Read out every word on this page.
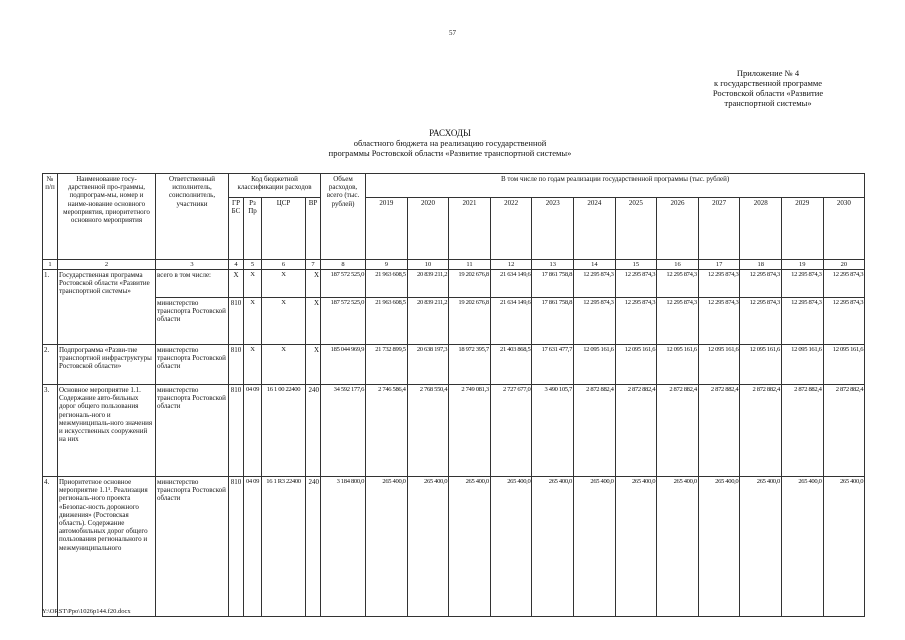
57
Приложение № 4
к государственной программе
Ростовской области «Развитие
транспортной системы»
РАСХОДЫ
областного бюджета на реализацию государственной
программы Ростовской области «Развитие транспортной системы»
№ п/п	Наименование госу-дарственной про-граммы, подпрограм-мы, номер и наиме-нование основного мероприятия, приоритетного основного мероприятия	Ответственный исполнитель, соисполнитель, участники	Код бюджетной классификации расходов				Объем расходов, всего (тыс. рублей)	В том числе по годам реализации государственной программы (тыс. рублей)											
			ГР БС	Рз Пр	ЦСР	ВР		2019	2020	2021	2022	2023	2024	2025	2026	2027	2028	2029	2030
1	2	3	4	5	6	7	8	9	10	11	12	13	14	15	16	17	18	19	20
1.	Государственная программа Ростовской области «Развитие транспортной системы»	всего в том числе:	Х	Х	Х	Х	187 572 525,0	21 963 608,5	20 839 211,2	19 202 676,8	21 634 149,6	17 861 758,8	12 295 874,3	12 295 874,3	12 295 874,3	12 295 874,3	12 295 874,3	12 295 874,3	12 295 874,3
		министерство транспорта Ростовской области	810	Х	Х	Х	187 572 525,0	21 963 608,5	20 839 211,2	19 202 676,8	21 634 149,6	17 861 758,8	12 295 874,3	12 295 874,3	12 295 874,3	12 295 874,3	12 295 874,3	12 295 874,3	12 295 874,3
2.	Подпрограмма «Разви-тие транспортной инфраструктуры Ростовской области»	министерство транспорта Ростовской области	810	Х	Х	Х	185 044 969,9	21 732 899,5	20 638 197,3	18 972 395,7	21 403 868,5	17 631 477,7	12 095 161,6	12 095 161,6	12 095 161,6	12 095 161,6	12 095 161,6	12 095 161,6	12 095 161,6
3.	Основное мероприятие 1.1. Содержание авто-бильных дорог общего пользования региональ-ного и межмуниципаль-ного значения и искусственных сооружений на них	министерство транспорта Ростовской области	810	04 09	16 1 00 22400	240	34 592 177,6	2 746 586,4	2 768 550,4	2 749 081,3	2 727 677,0	3 490 105,7	2 872 882,4	2 872 882,4	2 872 882,4	2 872 882,4	2 872 882,4	2 872 882,4	2 872 882,4
4.	Приоритетное основное мероприятие 1.1¹. Реализация региональ-ного проекта «Безопас-ность дорожного движения» (Ростовская область). Содержание автомобильных дорог общего пользования регионального и межмуниципального	министерство транспорта Ростовской области	810	04 09	16 1 R3 22400	240	3 184 800,0	265 400,0	265 400,0	265 400,0	265 400,0	265 400,0	265 400,0	265 400,0	265 400,0	265 400,0	265 400,0	265 400,0	265 400,0
Y:\ORST\Ppo\1026p144.f20.docx
